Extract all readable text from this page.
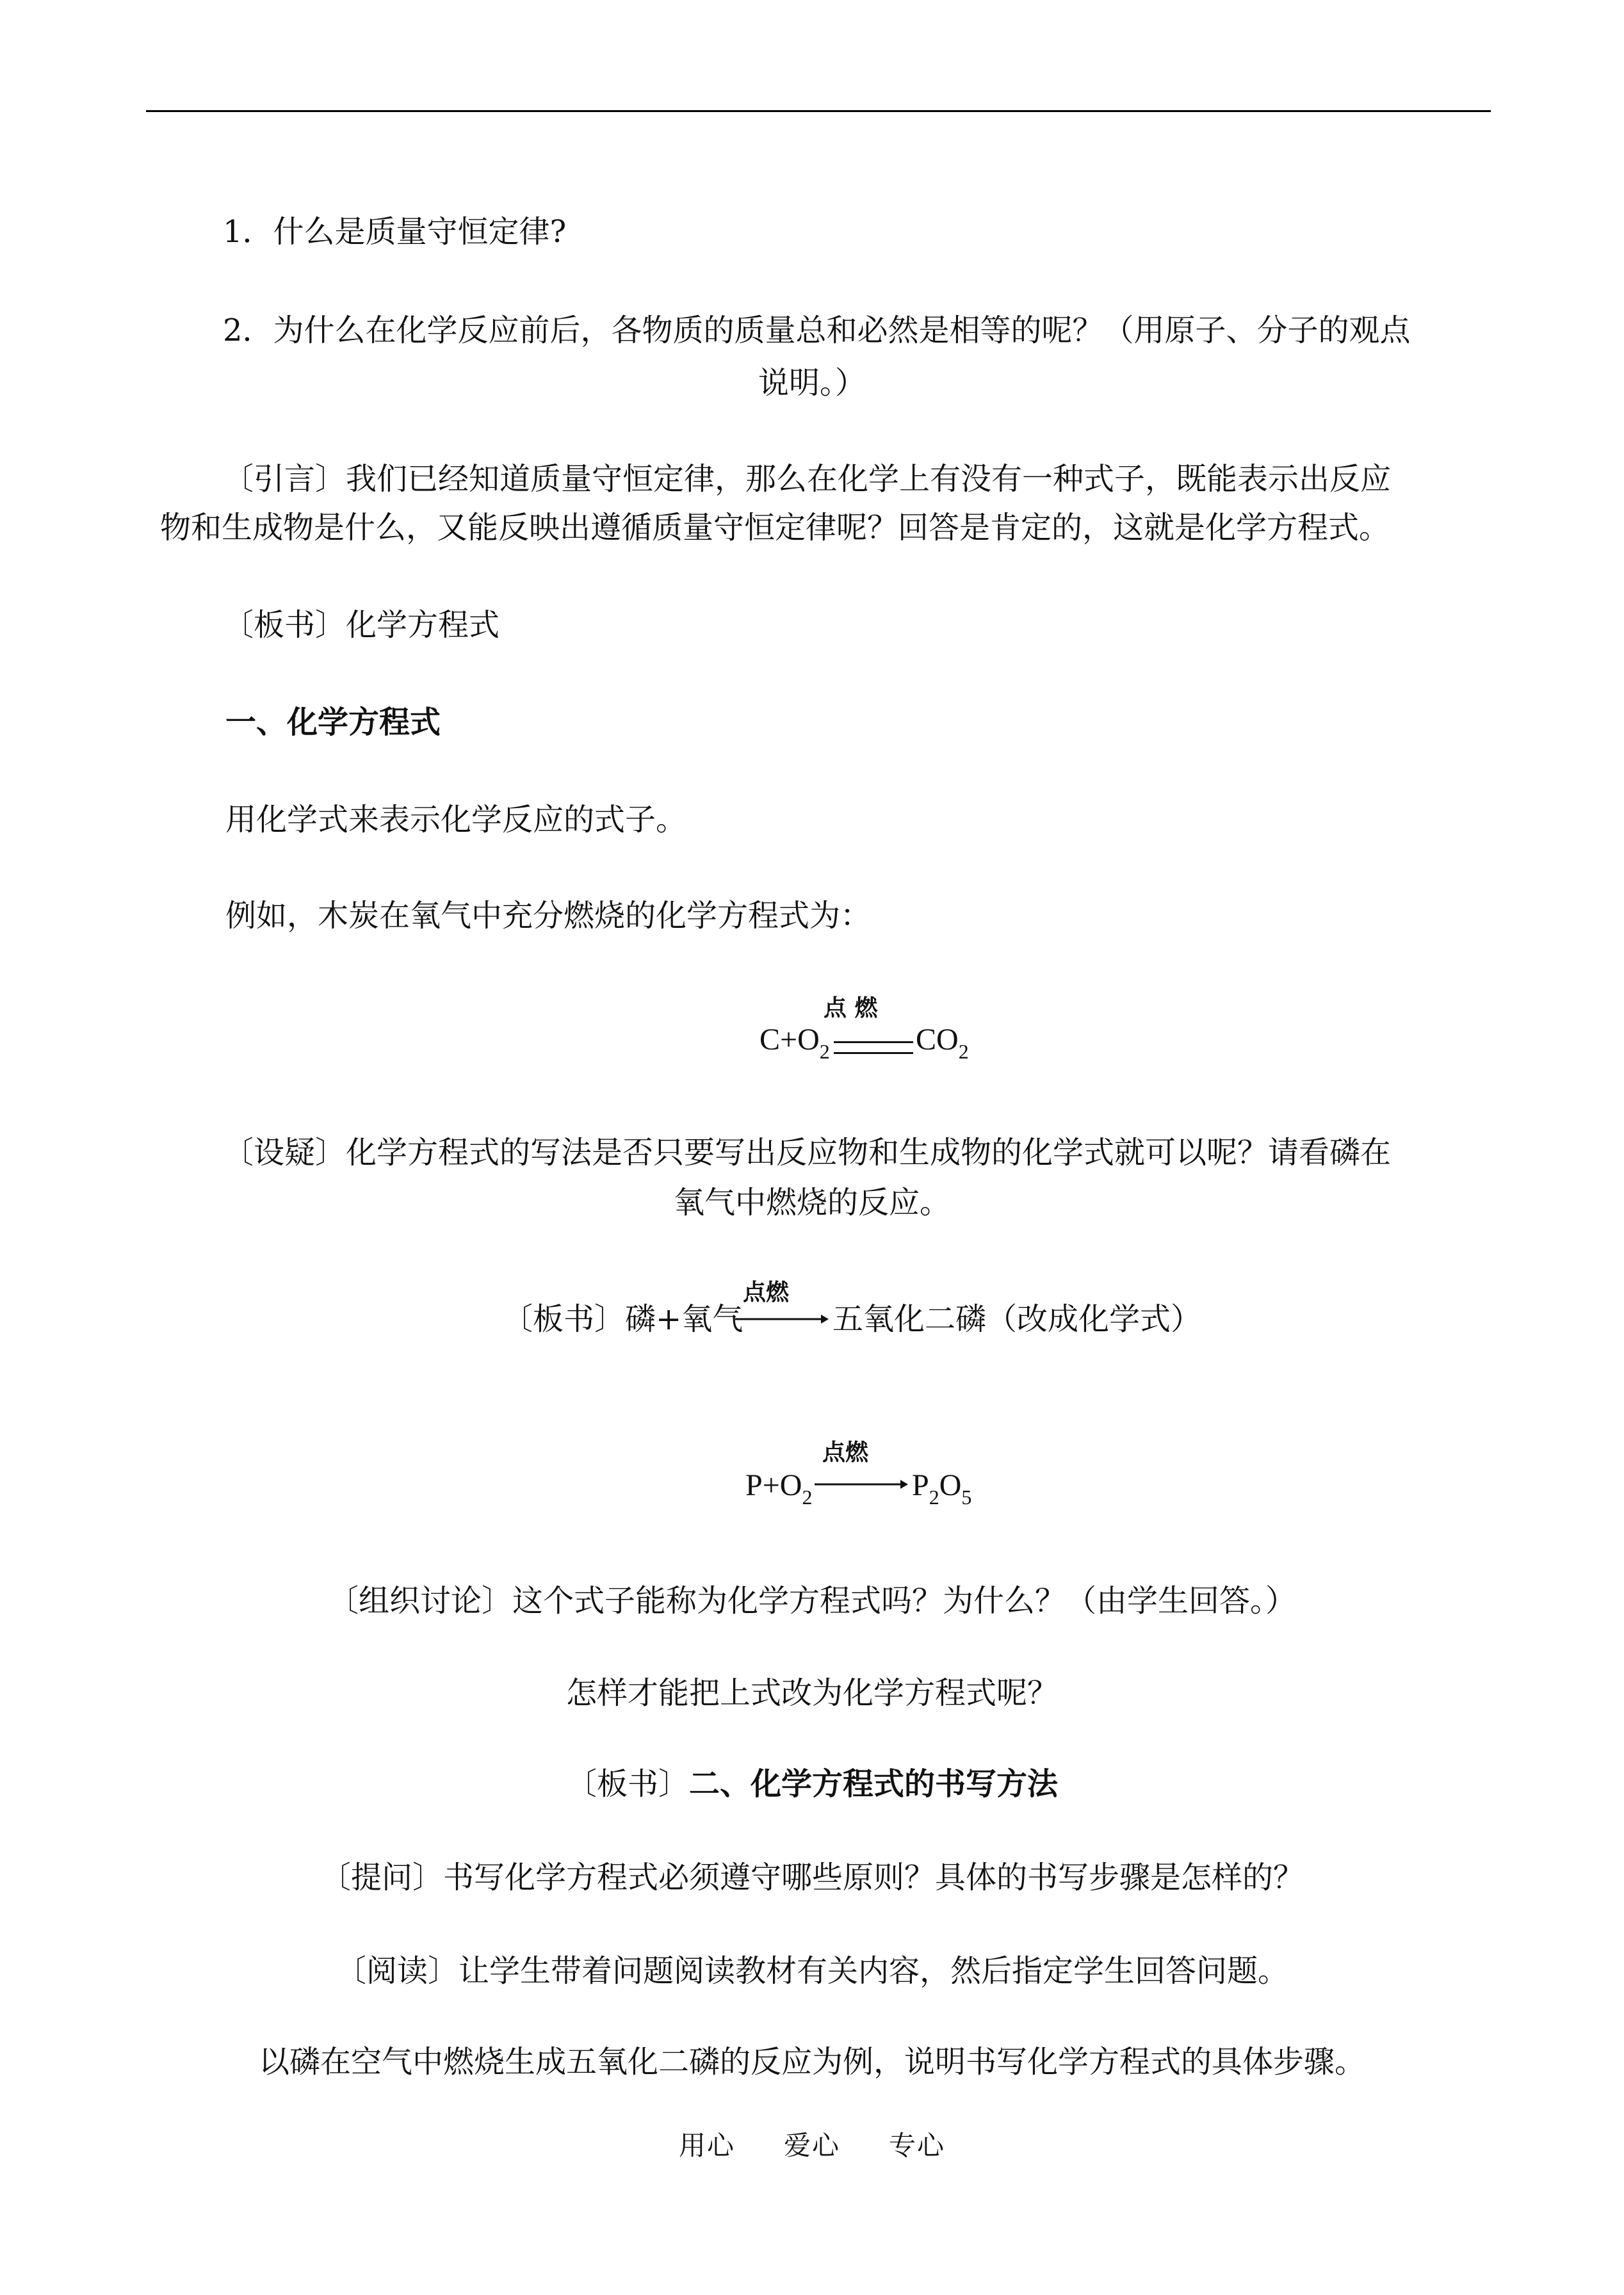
1．什么是质量守恒定律?
2．为什么在化学反应前后，各物质的质量总和必然是相等的呢？（用原子、分子的观点
说明。）
〔引言〕我们已经知道质量守恒定律，那么在化学上有没有一种式子，既能表示出反应
物和生成物是什么，又能反映出遵循质量守恒定律呢？回答是肯定的，这就是化学方程式。
〔板书〕化学方程式
一、化学方程式
用化学式来表示化学反应的式子。
例如，木炭在氧气中充分燃烧的化学方程式为：
$C+O_2$
点 燃
$CO_2$
〔设疑〕化学方程式的写法是否只要写出反应物和生成物的化学式就可以呢？请看磷在
氧气中燃烧的反应。
〔板书〕磷+氧气
点燃
五氧化二磷（改成化学式）
$P+O_2$
点燃
$P_2O_5$
〔组织讨论〕这个式子能称为化学方程式吗？为什么？（由学生回答。）
怎样才能把上式改为化学方程式呢？
〔板书〕二、化学方程式的书写方法
〔提问〕书写化学方程式必须遵守哪些原则？具体的书写步骤是怎样的？
〔阅读〕让学生带着问题阅读教材有关内容，然后指定学生回答问题。
以磷在空气中燃烧生成五氧化二磷的反应为例，说明书写化学方程式的具体步骤。
用心 爱心 专心
